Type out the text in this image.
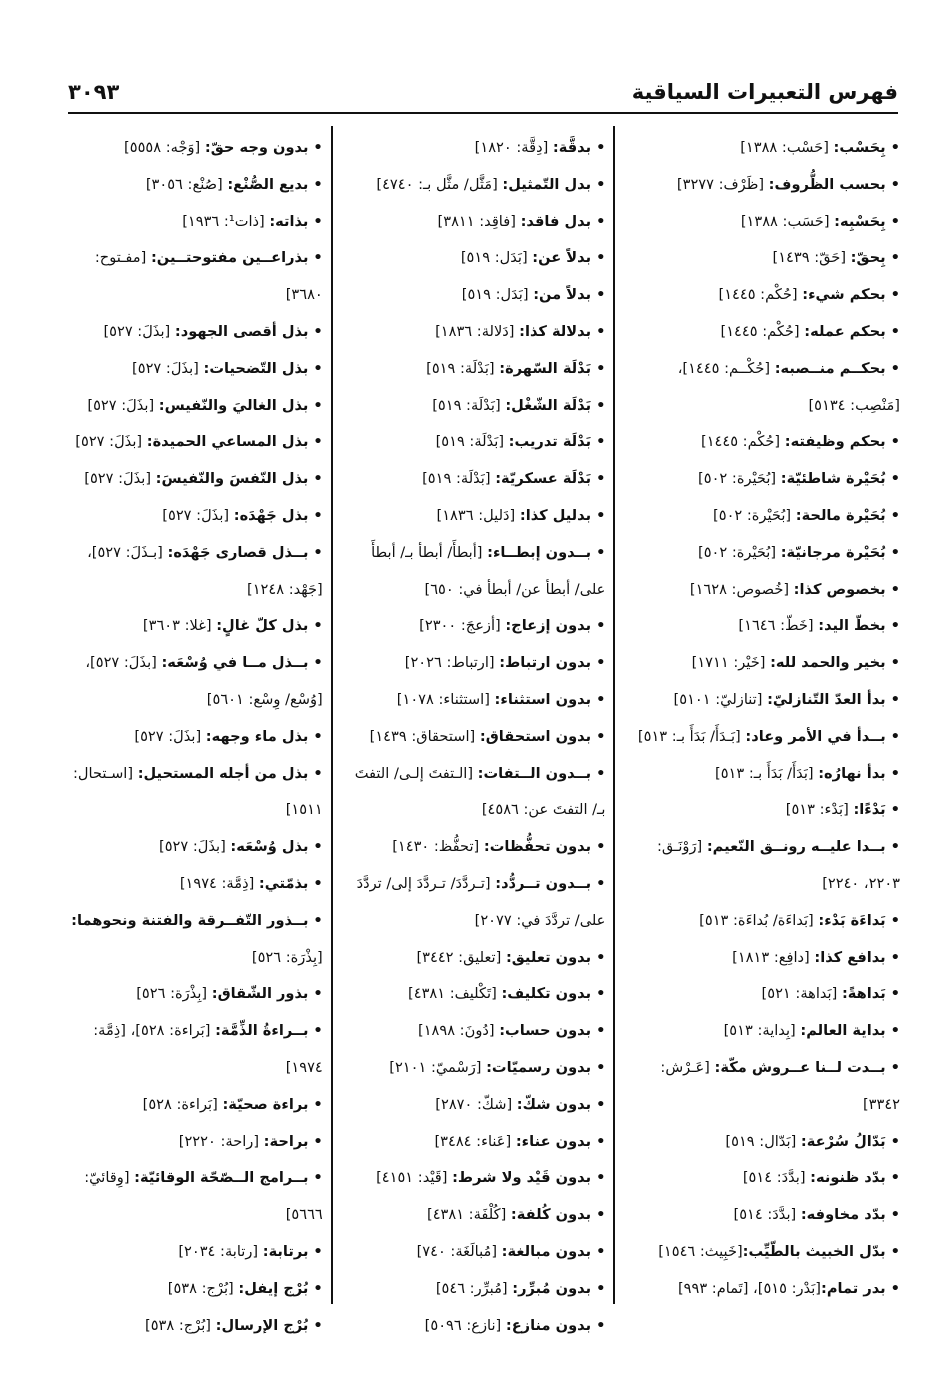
فهرس التعبيرات السياقية
٣٠٩٣
•بِحَسْب: [حَسْب: ١٣٨٨]
•بحسب الظُّروف: [ظَرْف: ٣٢٧٧]
•بِحَسْبِه: [حَسَب: ١٣٨٨]
•بِحقّ: [حَقّ: ١٤٣٩]
•بحكم شيء: [حُكْم: ١٤٤٥]
•بحكم عمله: [حُكْم: ١٤٤٥]
•بحكــم منــصبه: [حُكْــم: ١٤٤٥]، [مَنْصِب: ٥١٣٤]
•بحكم وظيفته: [حُكْم: ١٤٤٥]
•بُحَيْرة شاطئيّة: [بُحَيْرة: ٥٠٢]
•بُحَيْرة مالحة: [بُحَيْرة: ٥٠٢]
•بُحَيْرة مرجانيّة: [بُحَيْرة: ٥٠٢]
•بخصوص كذا: [خُصوص: ١٦٢٨]
•بخطّ اليد: [خَطّ: ١٦٤٦]
•بخير والحمد لله: [خَيْر: ١٧١١]
•بدأ العدّ التّنازليّ: [تنازليّ: ٥١٠١]
•بــدأ في الأمر وعاد: [بَـدَأَ/ بَدَأَ بـ: ٥١٣]
•بدأ نهارُه: [بَدَأَ/ بَدَأَ بـ: ٥١٣]
•بَدْءًا: [بَدْء: ٥١٣]
•بــدا عليــه رونــق النّعيم: [رَوْنَـق: ٢٢٠٣، ٢٢٤٠]
•بَداءَة بَدْء: [بَداءَة/ بُداءَة: ٥١٣]
•بدافع كذا: [دافِع: ١٨١٣]
•بَداهةً: [بَداهة: ٥٢١]
•بداية العالم: [بِداية: ٥١٣]
•بــدت لــنا عــروش مكّة: [عَـرْش: ٣٣٤٢]
•بَدّالُ سُرْعة: [بَدّال: ٥١٩]
•بدّد ظنونه: [بدَّدَ: ٥١٤]
•بدّد مخاوفه: [بدَّدَ: ٥١٤]
•بدّل الخبيث بالطّيِّب:[خَبِيث: ١٥٤٦]
•بدر تمام:[بَدْر: ٥١٥]، [تَمام: ٩٩٣]
•بدقَّة: [دِقَّة: ١٨٢٠]
•بدل التّمثيل: [مَثَّل/ مثَّل بـ: ٤٧٤٠]
•بدل فاقد: [فاقِد: ٣٨١١]
•بدلاً عن: [بَدَل: ٥١٩]
•بدلاً من: [بَدَل: ٥١٩]
•بدلالة كذا: [دَلالة: ١٨٣٦]
•بَدْلَة السّهرة: [بَدْلَة: ٥١٩]
•بَدْلَة الشّغْل: [بَدْلَة: ٥١٩]
•بَدْلَة تدريب: [بَدْلَة: ٥١٩]
•بَدْلَة عسكريّة: [بَدْلَة: ٥١٩]
•بدليل كذا: [دَليل: ١٨٣٦]
•بــدون إبطــاء: [أبطأَ/ أبطأ بـ/ أبطأَ على/ أبطأ عن/ أبطأ في: ٦٥٠]
•بدون إزعاج: [أزعجَ: ٢٣٠٠]
•بدون ارتباط: [ارتباط: ٢٠٢٦]
•بدون استثناء: [استثناء: ١٠٧٨]
•بدون استحقاق: [استحقاق: ١٤٣٩]
•بــدون الــتفات: [الـتفتَ إلـى/ التفتَ بـ/ التفتَ عن: ٤٥٨٦]
•بدون تحفُّظات: [تحفُّظ: ١٤٣٠]
•بــدون تــردُّد: [تـردَّدَ/ تـردَّدَ إلى/ تردَّدَ على/ تردَّدَ في: ٢٠٧٧]
•بدون تعليق: [تعليق: ٣٤٤٢]
•بدون تكليف: [تَكْليف: ٤٣٨١]
•بدون حساب: [دُونَ: ١٨٩٨]
•بدون رسميّات: [رَسْميّ: ٢١٠١]
•بدون شكّ: [شكّ: ٢٨٧٠]
•بدون عناء: [عَناء: ٣٤٨٤]
•بدون قَيْد ولا شرط: [قَيْد: ٤١٥١]
•بدون كُلفة: [كُلْفَة: ٤٣٨١]
•بدون مبالغة: [مُبالَغَة: ٧٤٠]
•بدون مُبرِّر: [مُبرِّر: ٥٤٦]
•بدون منازع: [نازع: ٥٠٩٦]
•بدون وجه حقّ: [وَجْه: ٥٥٥٨]
•بديع الصُّنْع: [صُنْع: ٣٠٥٦]
•بذاته: [ذات¹: ١٩٣٦]
•بذراعــين مفتوحتــين: [مفـتوح: ٣٦٨٠]
•بذل أقصى الجهود: [بذَلَ: ٥٢٧]
•بذل التّضحيات: [بذَلَ: ٥٢٧]
•بذل الغاليَ والنّفيس: [بذَلَ: ٥٢٧]
•بذل المساعي الحميدة: [بذَلَ: ٥٢٧]
•بذل النّفسَ والنّفيسَ: [بذَلَ: ٥٢٧]
•بذل جَهْدَه: [بذَلَ: ٥٢٧]
•بــذل قصارى جَهْدَه: [بـذَلَ: ٥٢٧]، [جَهْد: ١٢٤٨]
•بذل كلّ غالٍ: [غلا: ٣٦٠٣]
•بــذل مــا في وُسْعَه: [بذَلَ: ٥٢٧]، [وُسْع/ وِسْع: ٥٦٠١]
•بذل ماء وجهه: [بذَلَ: ٥٢٧]
•بذل من أجله المستحيل: [اسـتحال: ١٥١١]
•بذل وُسْعَه: [بذَلَ: ٥٢٧]
•بذمّتي: [ذِمَّة: ١٩٧٤]
•بــذور التّفــرقة والفتنة ونحوهما: [بِذْرَة: ٥٢٦]
•بذور الشّقاق: [بِذْرَة: ٥٢٦]
•بــراءةُ الذِّمَّة: [بَراءة: ٥٢٨]، [ذِمَّة: ١٩٧٤]
•براءة صحيّة: [بَراءة: ٥٢٨]
•براحة: [راحة: ٢٢٢٠]
•بــرامج الــصّحّة الوقائيّة: [وِقائيّ: ٥٦٦٦]
•برتابة: [رتابة: ٢٠٣٤]
•بُرْج إيفل: [بُرْج: ٥٣٨]
•بُرْج الإرسال: [بُرْج: ٥٣٨]
